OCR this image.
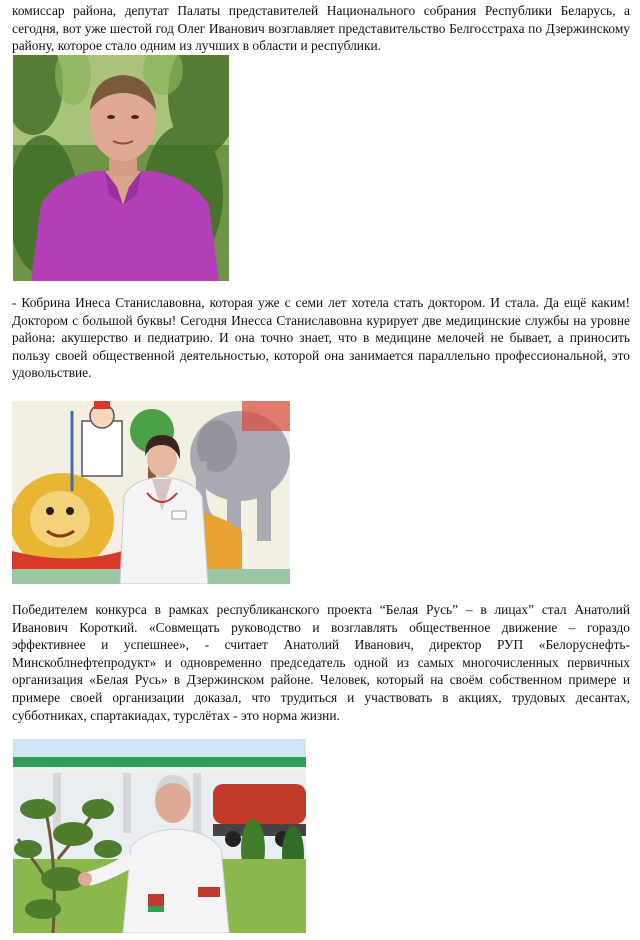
комиссар района, депутат Палаты представителей Национального собрания Республики Беларусь, а сегодня, вот уже шестой год Олег Иванович возглавляет представительство Белгосстраха по Дзержинскому району, которое стало одним из лучших в области и республики.

- Кобрина Инеса Станиславовна, которая уже с семи лет хотела стать доктором. И стала. Да ещё каким! Доктором с большой буквы! Сегодня Инесса Станиславовна курирует две медицинские службы на уровне района: акушерство и педиатрию. И она точно знает, что в медицине мелочей не бывает, а приносить пользу своей общественной деятельностью, которой она занимается параллельно профессиональной, это удовольствие.

Победителем конкурса в рамках республиканского проекта “Белая Русь” – в лицах” стал Анатолий Иванович Короткий. «Совмещать руководство и возглавлять общественное движение – гораздо эффективнее и успешнее», - считает Анатолий Иванович, директор РУП «Белоруснефть-Минскоблнефтепродукт» и одновременно председатель одной из самых многочисленных первичных организация «Белая Русь» в Дзержинском районе. Человек, который на своём собственном примере и примере своей организации доказал, что трудиться и участвовать в акциях, трудовых десантах, субботниках, спартакиадах, турслётах - это норма жизни.
